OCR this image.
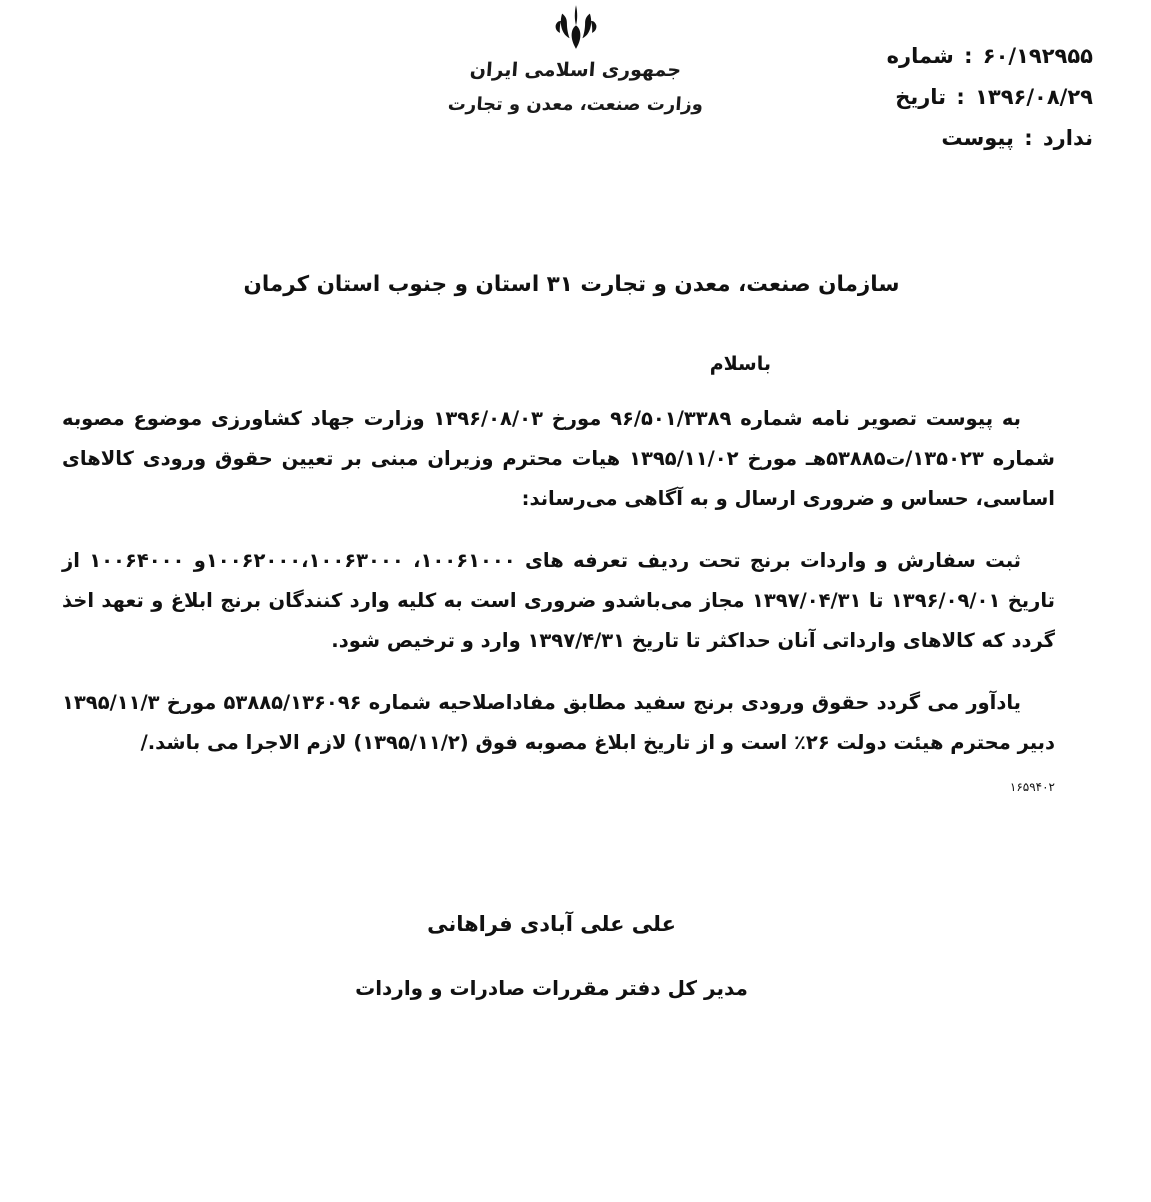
جمهوری اسلامی ایران
وزارت صنعت، معدن و تجارت
۶۰/۱۹۲۹۵۵ : شماره
۱۳۹۶/۰۸/۲۹ : تاریخ
ندارد : پیوست
سازمان صنعت، معدن و تجارت ۳۱ استان و جنوب استان کرمان
باسلام

به پیوست تصویر نامه شماره ۹۶/۵۰۱/۳۳۸۹ مورخ ۱۳۹۶/۰۸/۰۳ وزارت جهاد کشاورزی موضوع مصوبه شماره ۱۳۵۰۲۳/ت۵۳۸۸۵هـ مورخ ۱۳۹۵/۱۱/۰۲ هیات محترم وزیران مبنی بر تعیین حقوق ورودی کالاهای اساسی، حساس و ضروری ارسال و به آگاهی می‌رساند:

ثبت سفارش و واردات برنج تحت ردیف تعرفه های ۱۰۰۶۱۰۰۰، ۱۰۰۶۲۰۰۰،۱۰۰۶۳۰۰۰و ۱۰۰۶۴۰۰۰ از تاریخ ۱۳۹۶/۰۹/۰۱ تا ۱۳۹۷/۰۴/۳۱ مجاز می‌باشدو ضروری است به کلیه وارد کنندگان برنج ابلاغ و تعهد اخذ گردد که کالاهای وارداتی آنان حداکثر تا تاریخ ۱۳۹۷/۴/۳۱ وارد و ترخیص شود.

یادآور می گردد حقوق ورودی برنج سفید مطابق مفاداصلاحیه شماره ۵۳۸۸۵/۱۳۶۰۹۶ مورخ ۱۳۹۵/۱۱/۳ دبیر محترم هیئت دولت ۲۶٪ است و از تاریخ ابلاغ مصوبه فوق (۱۳۹۵/۱۱/۲) لازم الاجرا می باشد./

۱۶۵۹۴۰۲
علی علی آبادی فراهانی
مدیر کل دفتر مقررات صادرات و واردات
